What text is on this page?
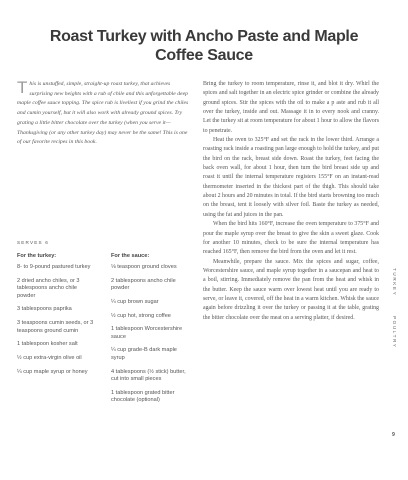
Roast Turkey with Ancho Paste and Maple Coffee Sauce
This is unstuffed, simple, straight-up roast turkey, that achieves surprising new heights with a rub of chile and this unforgettable deep maple coffee sauce topping. The spice rub is liveliest if you grind the chiles and cumin yourself, but it will also work with already ground spices. Try grating a little bitter chocolate over the turkey (when you serve it—Thanksgiving (or any other turkey day) may never be the same! This is one of our favorite recipes in this book.
SERVES 6
For the turkey:	For the sauce:
8- to 9-pound pastured turkey
2 dried ancho chiles, or 3 tablespoons ancho chile powder
3 tablespoons paprika
3 teaspoons cumin seeds, or 3 teaspoons ground cumin
1 tablespoon kosher salt
½ cup extra-virgin olive oil
¼ cup maple syrup or honey
⅛ teaspoon ground cloves
2 tablespoons ancho chile powder
¼ cup brown sugar
½ cup hot, strong coffee
1 tablespoon Worcestershire sauce
¼ cup grade-B dark maple syrup
4 tablespoons (½ stick) butter, cut into small pieces
1 tablespoon grated bitter chocolate (optional)

Bring the turkey to room temperature, rinse it, and blot it dry. Whirl the spices and salt together in an electric spice grinder or combine the already ground spices. Stir the spices with the oil to make a p aste and rub it all over the turkey, inside and out. Massage it in to every nook and cranny. Let the turkey sit at room temperature for about 1 hour to allow the flavors to penetrate.

Heat the oven to 325°F and set the rack in the lower third. Arrange a roasting rack inside a roasting pan large enough to hold the turkey, and put the bird on the rack, breast side down. Roast the turkey, feet facing the back oven wall, for about 1 hour, then turn the bird breast side up and roast it until the internal temperature registers 155°F on an instant-read thermometer inserted in the thickest part of the thigh. This should take about 2 hours and 20 minutes in total. If the bird starts browning too much on the breast, tent it loosely with silver foil. Baste the turkey as needed, using the fat and juices in the pan.

When the bird hits 160°F, increase the oven temperature to 375°F and pour the maple syrup over the breast to give the skin a sweet glaze. Cook for another 10 minutes, check to be sure the internal temperature has reached 165°F, then remove the bird from the oven and let it rest.

Meanwhile, prepare the sauce. Mix the spices and sugar, coffee, Worcestershire sauce, and maple syrup together in a saucepan and heat to a boil, stirring. Immediately remove the pan from the heat and whisk in the butter. Keep the sauce warm over lowest heat until you are ready to serve, or leave it, covered, off the heat in a warm kitchen. Whisk the sauce again before drizzling it over the turkey or passing it at the table, grating the bitter chocolate over the meat on a serving platter, if desired.

TURKEY
POULTRY
9
